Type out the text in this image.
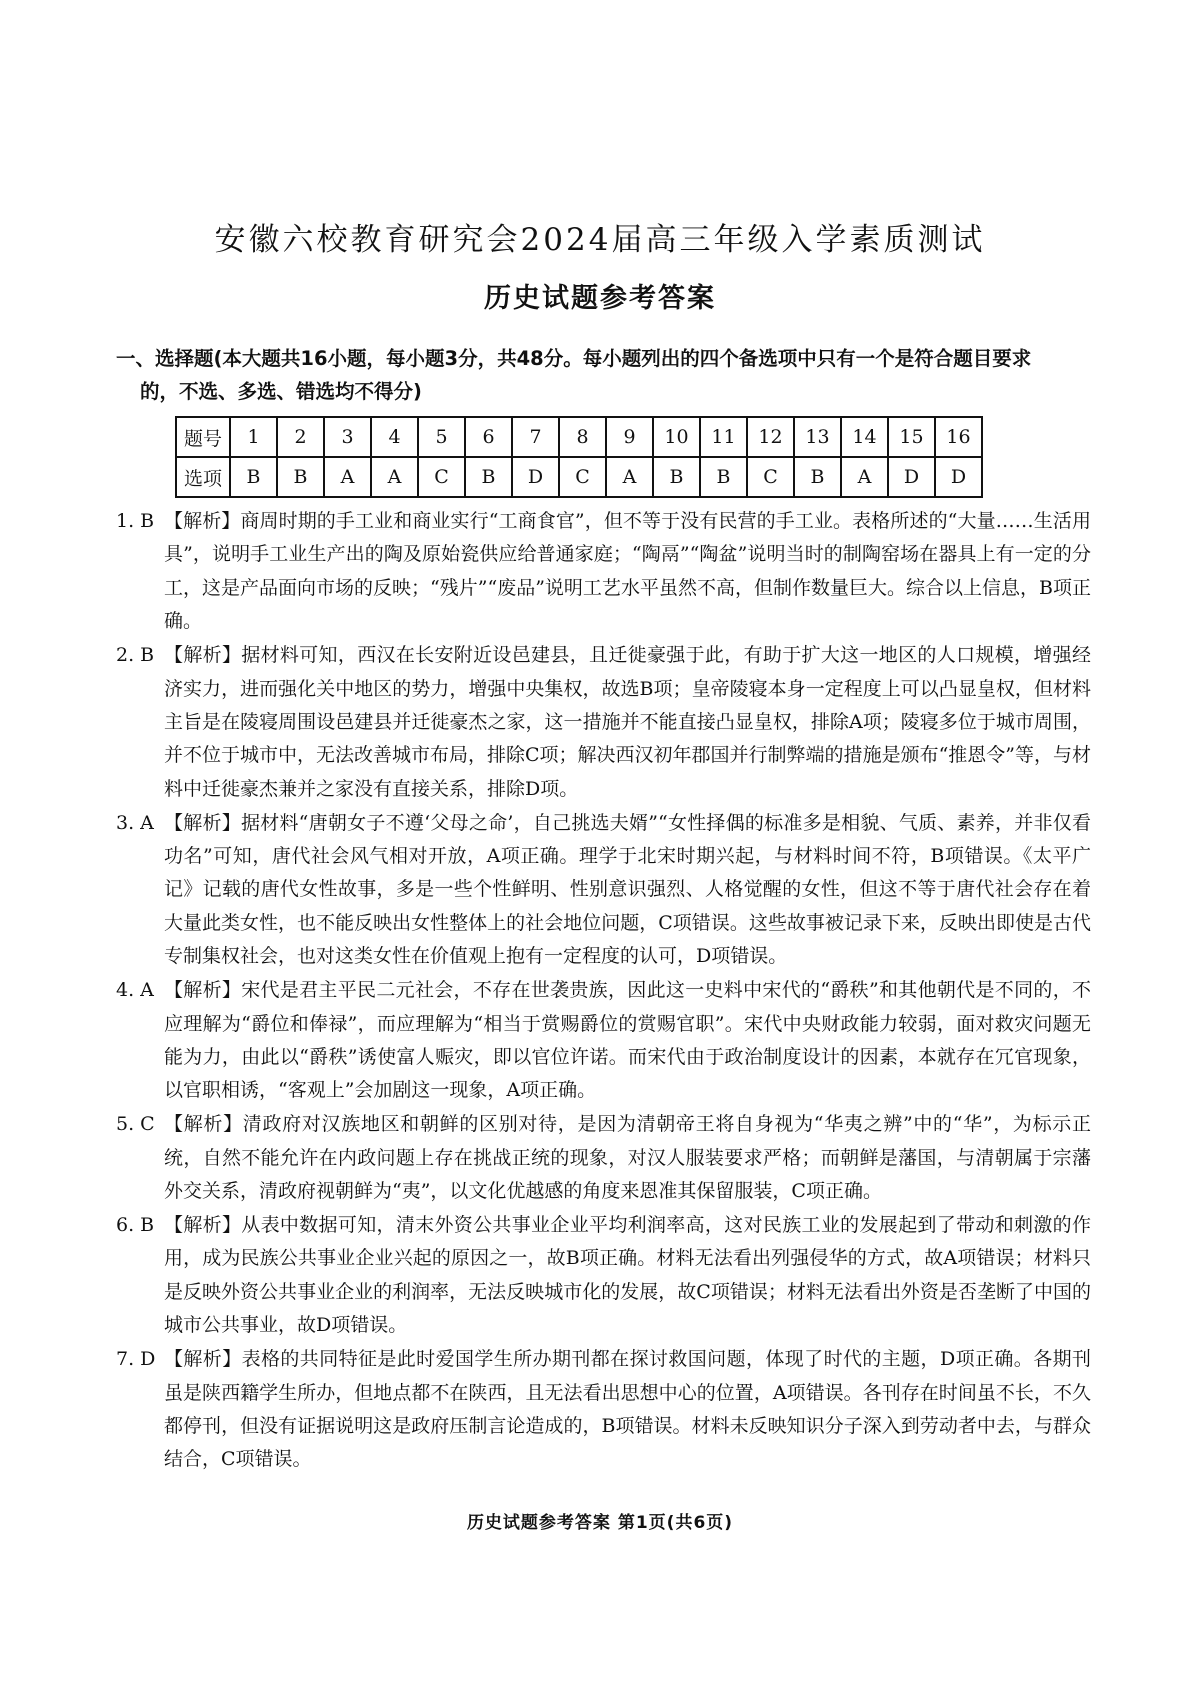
安徽六校教育研究会2024届高三年级入学素质测试
历史试题参考答案
一、选择题(本大题共16小题，每小题3分，共48分。每小题列出的四个备选项中只有一个是符合题目要求
的，不选、多选、错选均不得分)
题号	1	2	3	4	5	6	7	8	9	10	11	12	13	14	15	16
选项	B	B	A	A	C	B	D	C	A	B	B	C	B	A	D	D
1. B 【解析】商周时期的手工业和商业实行“工商食官”，但不等于没有民营的手工业。表格所述的“大量……生活用具”，说明手工业生产出的陶及原始瓷供应给普通家庭；“陶鬲”“陶盆”说明当时的制陶窑场在器具上有一定的分工，这是产品面向市场的反映；“残片”“废品”说明工艺水平虽然不高，但制作数量巨大。综合以上信息，B项正确。
2. B 【解析】据材料可知，西汉在长安附近设邑建县，且迁徙豪强于此，有助于扩大这一地区的人口规模，增强经济实力，进而强化关中地区的势力，增强中央集权，故选B项；皇帝陵寝本身一定程度上可以凸显皇权，但材料主旨是在陵寝周围设邑建县并迁徙豪杰之家，这一措施并不能直接凸显皇权，排除A项；陵寝多位于城市周围，并不位于城市中，无法改善城市布局，排除C项；解决西汉初年郡国并行制弊端的措施是颁布“推恩令”等，与材料中迁徙豪杰兼并之家没有直接关系，排除D项。
3. A 【解析】据材料“唐朝女子不遵‘父母之命’，自己挑选夫婿”“女性择偶的标准多是相貌、气质、素养，并非仅看功名”可知，唐代社会风气相对开放，A项正确。理学于北宋时期兴起，与材料时间不符，B项错误。《太平广记》记载的唐代女性故事，多是一些个性鲜明、性别意识强烈、人格觉醒的女性，但这不等于唐代社会存在着大量此类女性，也不能反映出女性整体上的社会地位问题，C项错误。这些故事被记录下来，反映出即使是古代专制集权社会，也对这类女性在价值观上抱有一定程度的认可，D项错误。
4. A 【解析】宋代是君主平民二元社会，不存在世袭贵族，因此这一史料中宋代的“爵秩”和其他朝代是不同的，不应理解为“爵位和俸禄”，而应理解为“相当于赏赐爵位的赏赐官职”。宋代中央财政能力较弱，面对救灾问题无能为力，由此以“爵秩”诱使富人赈灾，即以官位许诺。而宋代由于政治制度设计的因素，本就存在冗官现象，以官职相诱，“客观上”会加剧这一现象，A项正确。
5. C 【解析】清政府对汉族地区和朝鲜的区别对待，是因为清朝帝王将自身视为“华夷之辨”中的“华”，为标示正统，自然不能允许在内政问题上存在挑战正统的现象，对汉人服装要求严格；而朝鲜是藩国，与清朝属于宗藩外交关系，清政府视朝鲜为“夷”，以文化优越感的角度来恩准其保留服装，C项正确。
6. B 【解析】从表中数据可知，清末外资公共事业企业平均利润率高，这对民族工业的发展起到了带动和刺激的作用，成为民族公共事业企业兴起的原因之一，故B项正确。材料无法看出列强侵华的方式，故A项错误；材料只是反映外资公共事业企业的利润率，无法反映城市化的发展，故C项错误；材料无法看出外资是否垄断了中国的城市公共事业，故D项错误。
7. D 【解析】表格的共同特征是此时爱国学生所办期刊都在探讨救国问题，体现了时代的主题，D项正确。各期刊虽是陕西籍学生所办，但地点都不在陕西，且无法看出思想中心的位置，A项错误。各刊存在时间虽不长，不久都停刊，但没有证据说明这是政府压制言论造成的，B项错误。材料未反映知识分子深入到劳动者中去，与群众结合，C项错误。
历史试题参考答案 第1页(共6页)
